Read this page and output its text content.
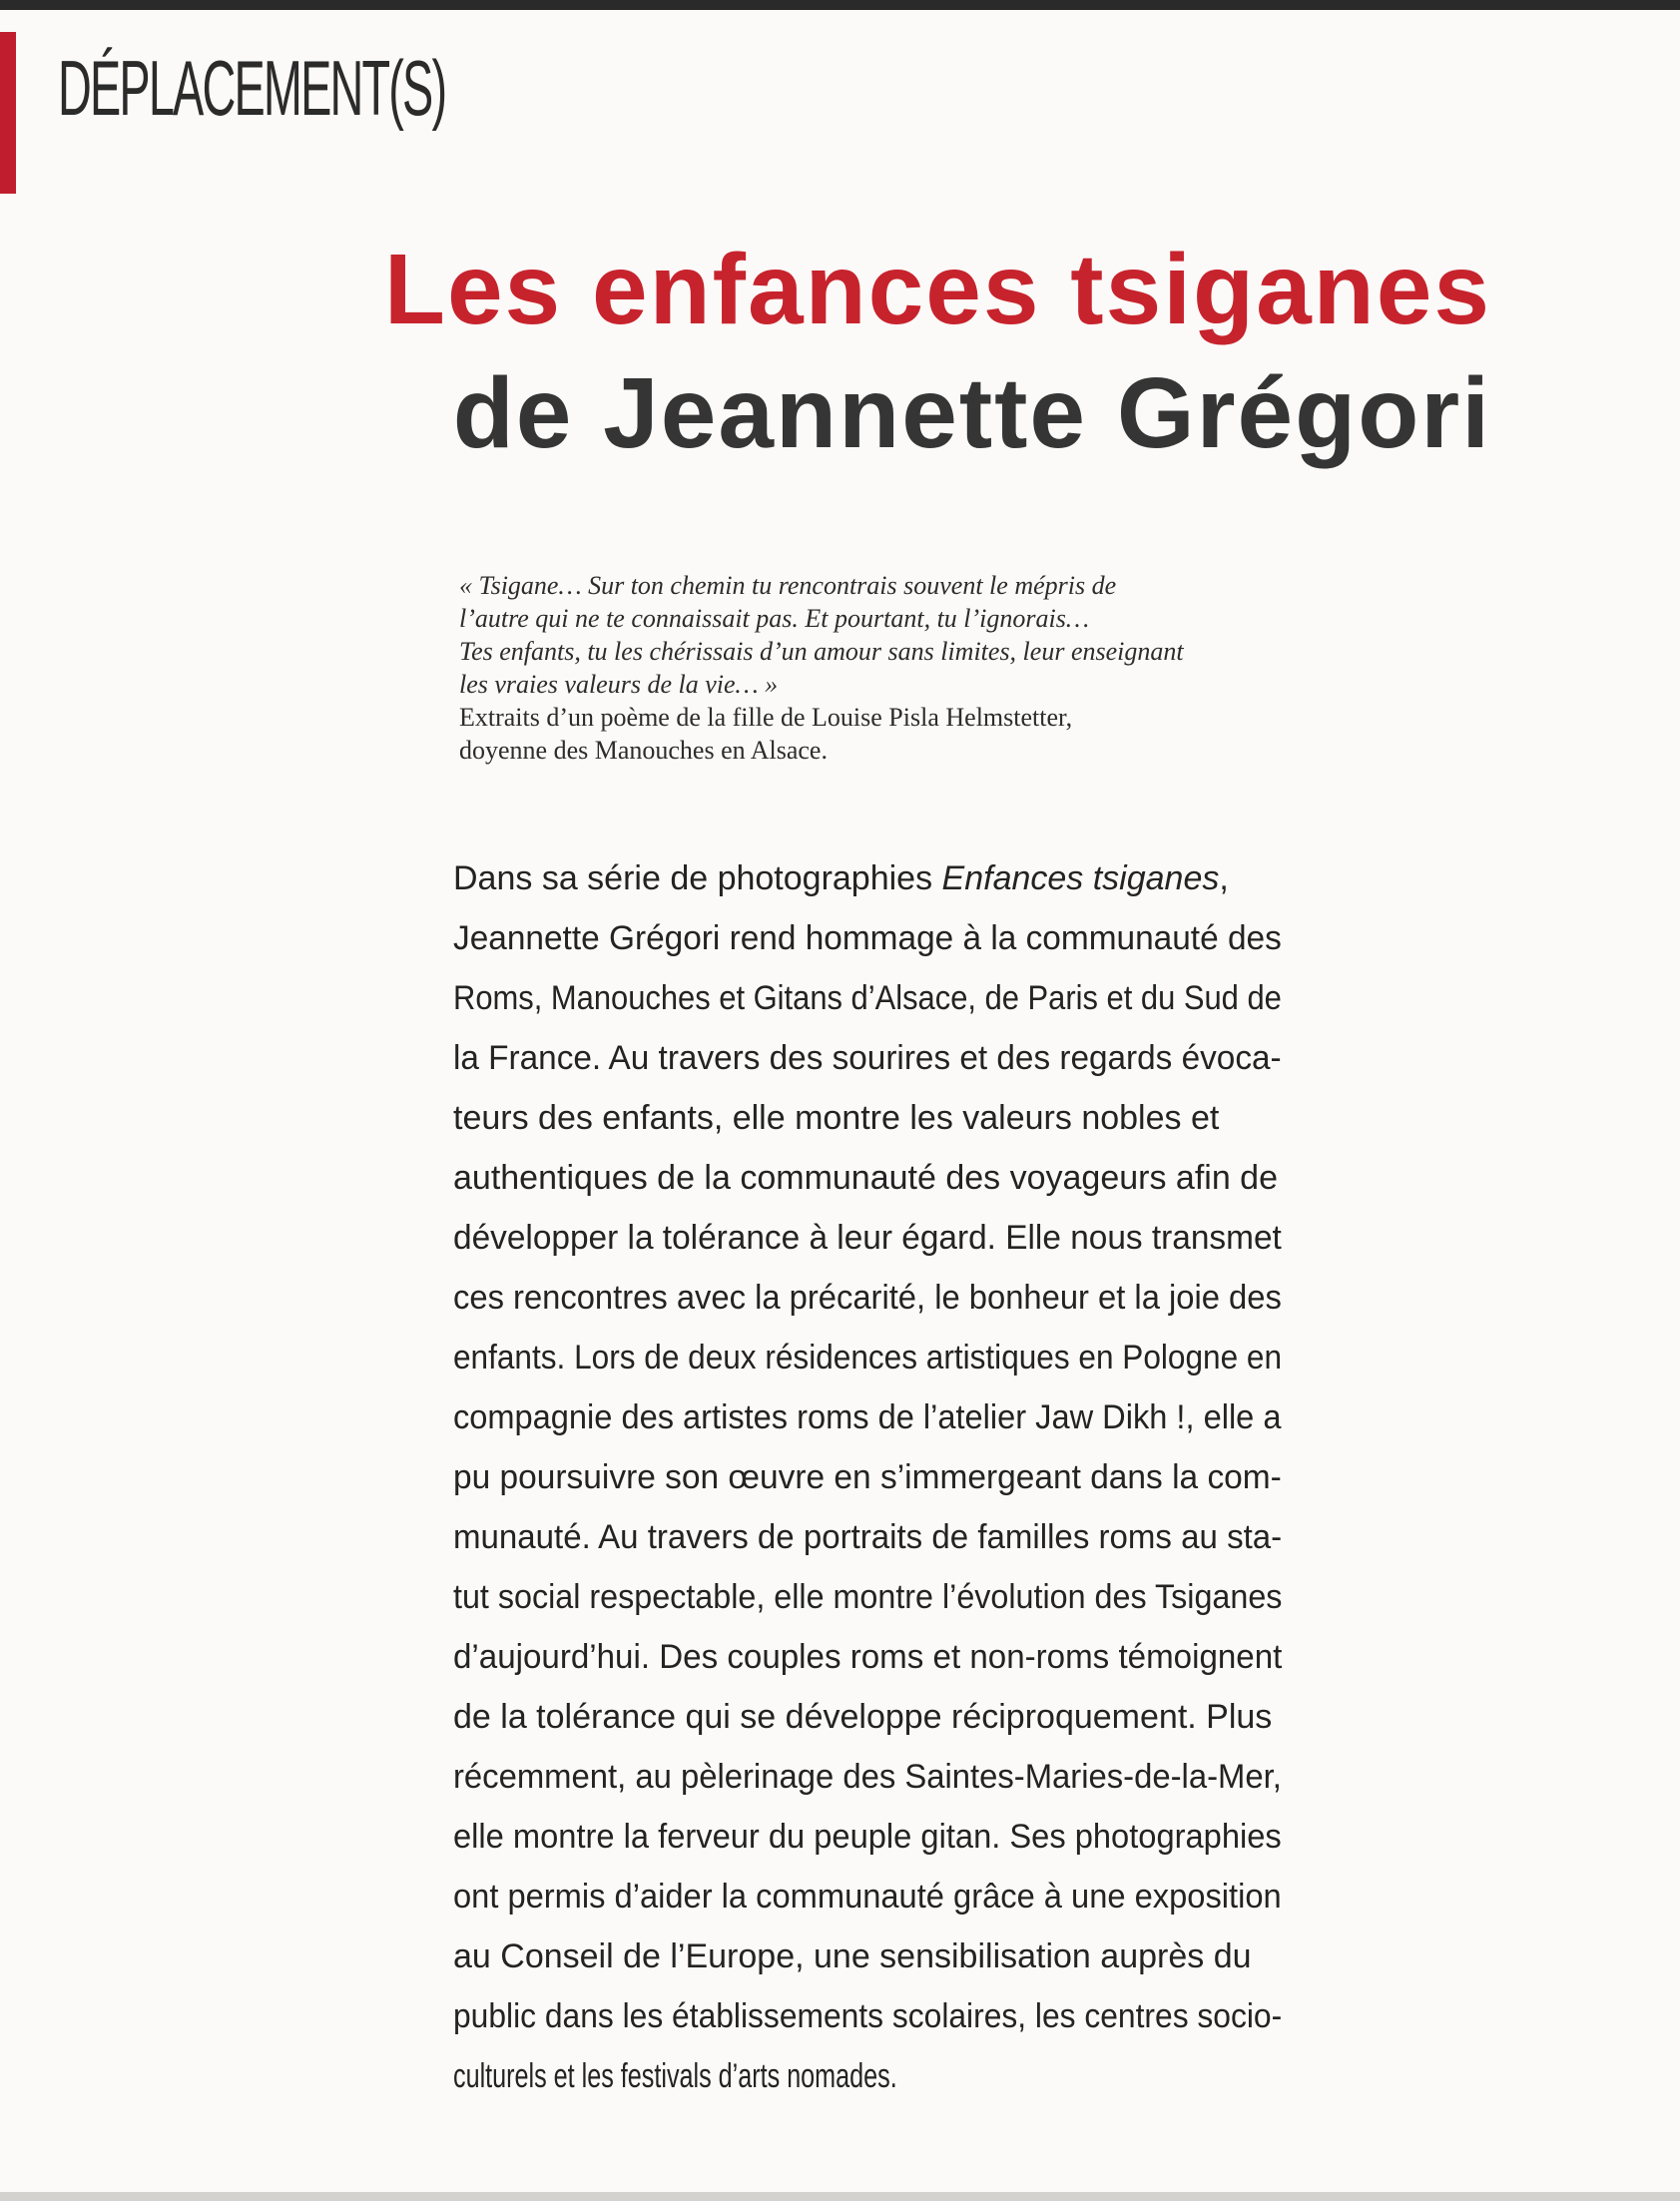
DÉPLACEMENT(S)
Les enfances tsiganes
de Jeannette Grégori
« Tsigane… Sur ton chemin tu rencontrais souvent le mépris de
l’autre qui ne te connaissait pas. Et pourtant, tu l’ignorais…
Tes enfants, tu les chérissais d’un amour sans limites, leur enseignant
les vraies valeurs de la vie… »
Extraits d’un poème de la fille de Louise Pisla Helmstetter,
doyenne des Manouches en Alsace.
Dans sa série de photographies Enfances tsiganes,
Jeannette Grégori rend hommage à la communauté des
Roms, Manouches et Gitans d’Alsace, de Paris et du Sud de
la France. Au travers des sourires et des regards évoca-
teurs des enfants, elle montre les valeurs nobles et
authentiques de la communauté des voyageurs afin de
développer la tolérance à leur égard. Elle nous transmet
ces rencontres avec la précarité, le bonheur et la joie des
enfants. Lors de deux résidences artistiques en Pologne en
compagnie des artistes roms de l’atelier Jaw Dikh !, elle a
pu poursuivre son œuvre en s’immergeant dans la com-
munauté. Au travers de portraits de familles roms au sta-
tut social respectable, elle montre l’évolution des Tsiganes
d’aujourd’hui. Des couples roms et non-roms témoignent
de la tolérance qui se développe réciproquement. Plus
récemment, au pèlerinage des Saintes-Maries-de-la-Mer,
elle montre la ferveur du peuple gitan. Ses photographies
ont permis d’aider la communauté grâce à une exposition
au Conseil de l’Europe, une sensibilisation auprès du
public dans les établissements scolaires, les centres socio-
culturels et les festivals d’arts nomades.
